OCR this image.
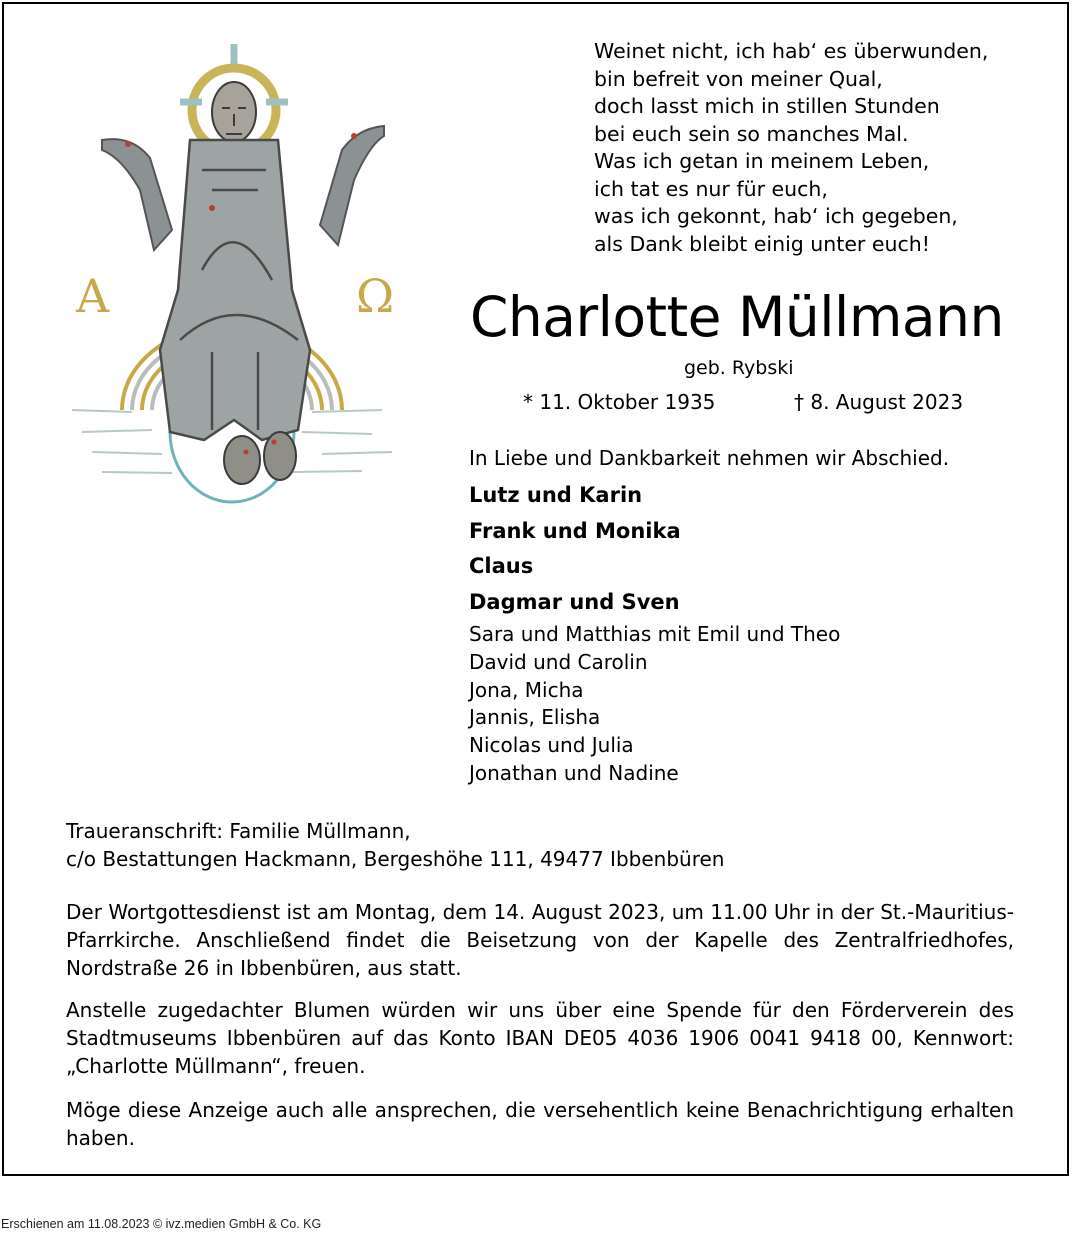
Α	Ω
Weinet nicht, ich hab‘ es überwunden,
bin befreit von meiner Qual,
doch lasst mich in stillen Stunden
bei euch sein so manches Mal.
Was ich getan in meinem Leben,
ich tat es nur für euch,
was ich gekonnt, hab‘ ich gegeben,
als Dank bleibt einig unter euch!
Charlotte Müllmann
geb. Rybski
* 11. Oktober 1935	† 8. August 2023
In Liebe und Dankbarkeit nehmen wir Abschied.
Lutz und Karin
Frank und Monika
Claus
Dagmar und Sven
Sara und Matthias mit Emil und Theo
David und Carolin
Jona, Micha
Jannis, Elisha
Nicolas und Julia
Jonathan und Nadine
Traueranschrift: Familie Müllmann,
c/o Bestattungen Hackmann, Bergeshöhe 111, 49477 Ibbenbüren
Der Wortgottesdienst ist am Montag, dem 14. August 2023, um 11.00 Uhr in der St.-Mauritius-Pfarrkirche. Anschließend findet die Beisetzung von der Kapelle des Zentralfriedhofes, Nordstraße 26 in Ibbenbüren, aus statt.
Anstelle zugedachter Blumen würden wir uns über eine Spende für den Förderverein des Stadtmuseums Ibbenbüren auf das Konto IBAN DE05 4036 1906 0041 9418 00, Kennwort: „Charlotte Müllmann“, freuen.
Möge diese Anzeige auch alle ansprechen, die versehentlich keine Benachrichtigung erhalten haben.
Erschienen am 11.08.2023 © ivz.medien GmbH & Co. KG
